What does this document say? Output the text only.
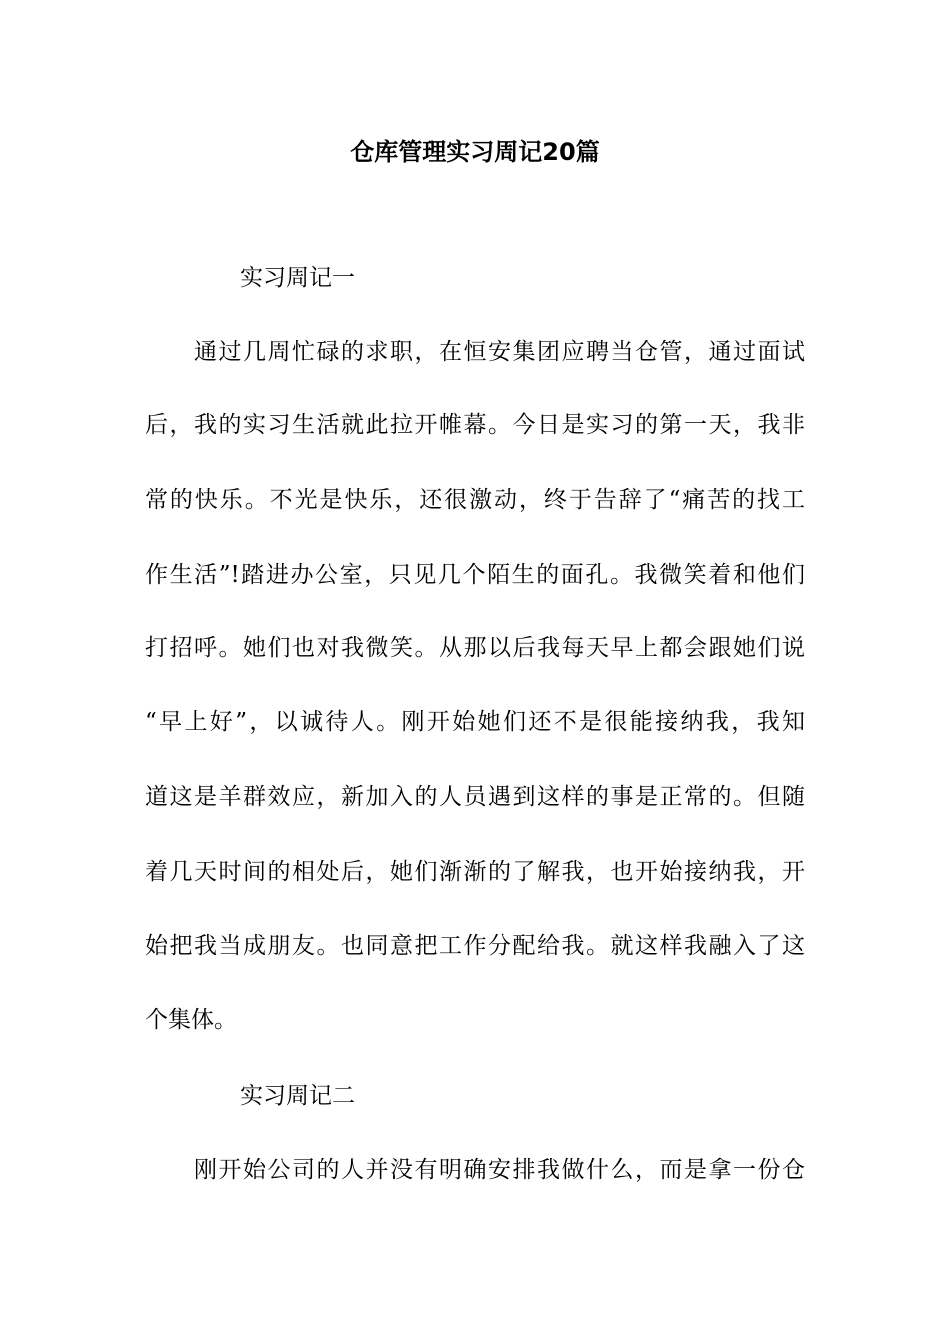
仓库管理实习周记20篇
实习周记一
　　通过几周忙碌的求职，在恒安集团应聘当仓管，通过面试
后，我的实习生活就此拉开帷幕。今日是实习的第一天，我非
常的快乐。不光是快乐，还很激动，终于告辞了“痛苦的找工
作生活”!踏进办公室，只见几个陌生的面孔。我微笑着和他们
打招呼。她们也对我微笑。从那以后我每天早上都会跟她们说
“早上好”，以诚待人。刚开始她们还不是很能接纳我，我知
道这是羊群效应，新加入的人员遇到这样的事是正常的。但随
着几天时间的相处后，她们渐渐的了解我，也开始接纳我，开
始把我当成朋友。也同意把工作分配给我。就这样我融入了这
个集体。
实习周记二
　　刚开始公司的人并没有明确安排我做什么，而是拿一份仓
